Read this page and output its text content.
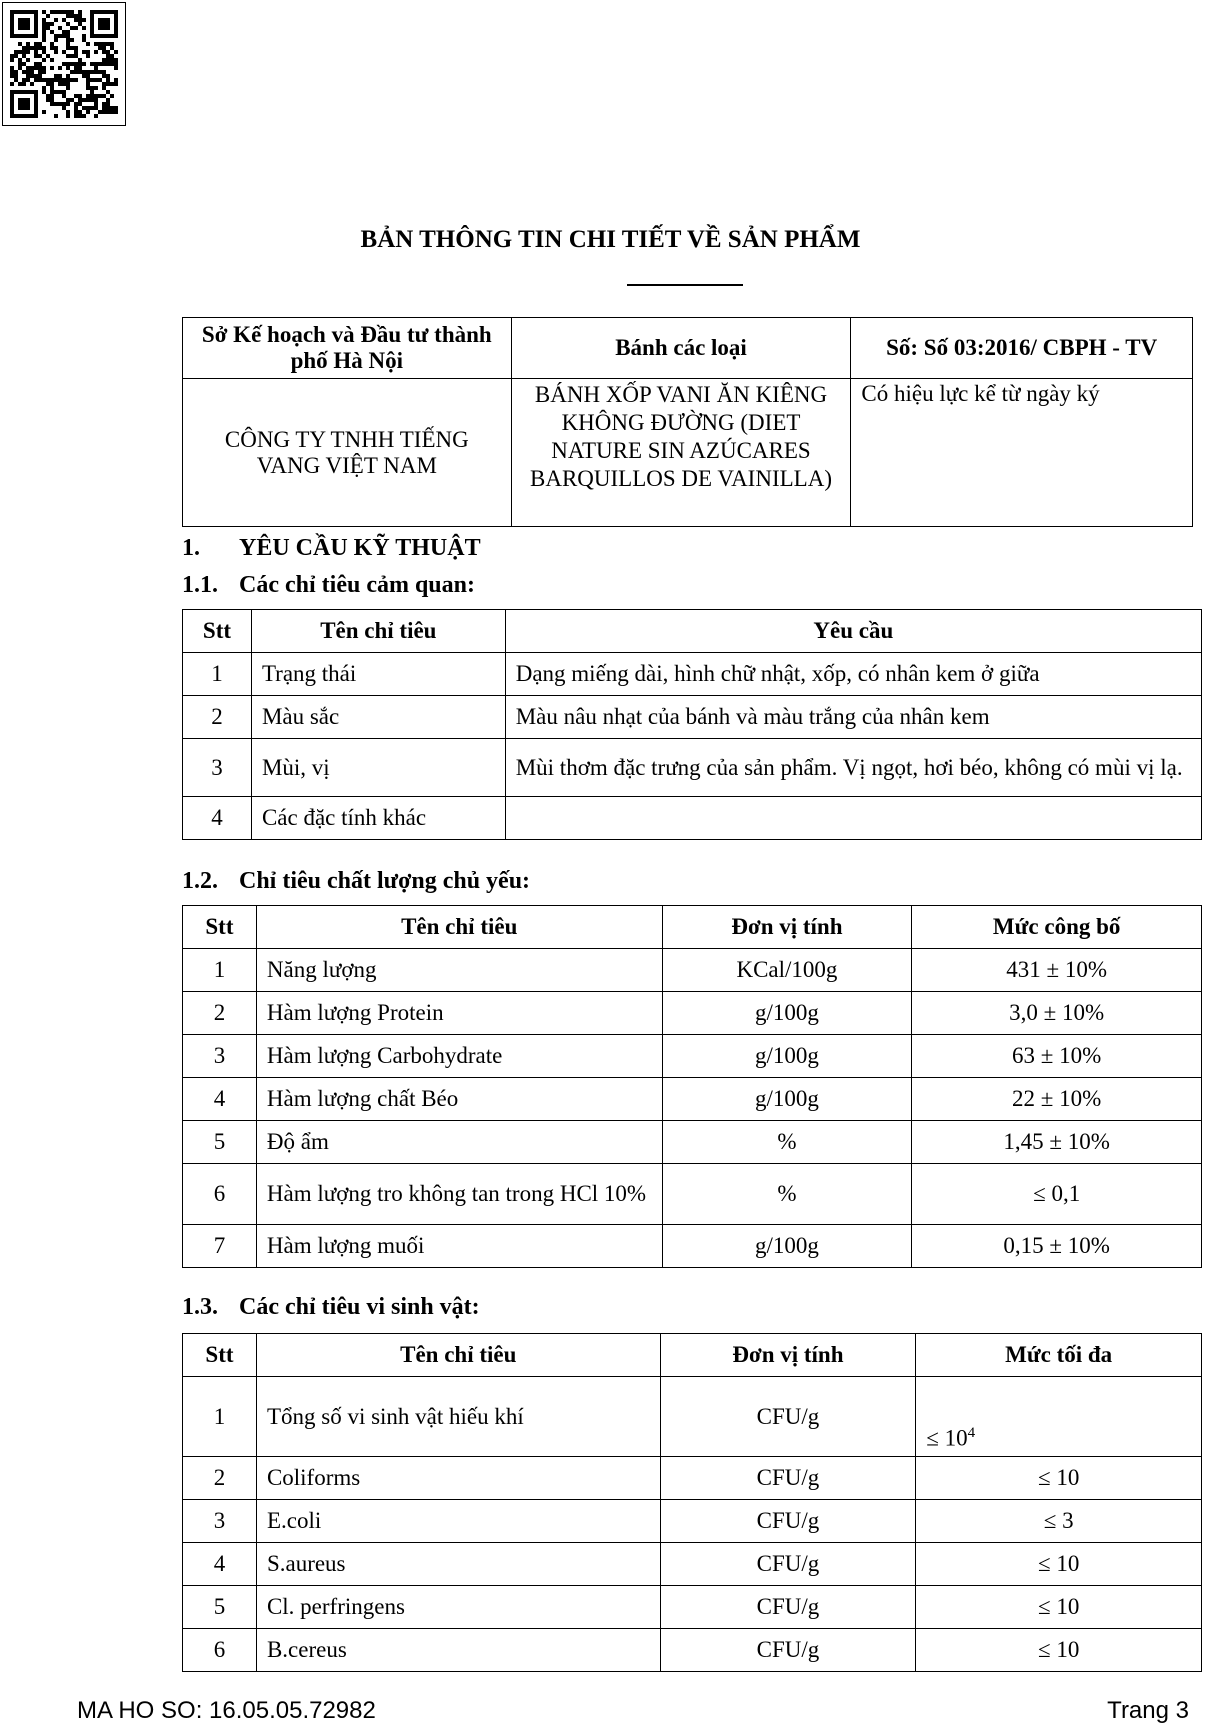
BẢN THÔNG TIN CHI TIẾT VỀ SẢN PHẨM
Sở Kế hoạch và Đầu tư thành phố Hà Nội	Bánh các loại	Số: Số 03:2016/ CBPH - TV
CÔNG TY TNHH TIẾNG VANG VIỆT NAM	BÁNH XỐP VANI ĂN KIÊNG KHÔNG ĐƯỜNG (DIET NATURE SIN AZÚCARES BARQUILLOS DE VAINILLA)	Có hiệu lực kể từ ngày ký
1. YÊU CẦU KỸ THUẬT
1.1. Các chỉ tiêu cảm quan:
Stt	Tên chỉ tiêu	Yêu cầu
1	Trạng thái	Dạng miếng dài, hình chữ nhật, xốp, có nhân kem ở giữa
2	Màu sắc	Màu nâu nhạt của bánh và màu trắng của nhân kem
3	Mùi, vị	Mùi thơm đặc trưng của sản phẩm. Vị ngọt, hơi béo, không có mùi vị lạ.
4	Các đặc tính khác	
1.2. Chỉ tiêu chất lượng chủ yếu:
Stt	Tên chỉ tiêu	Đơn vị tính	Mức công bố
1	Năng lượng	KCal/100g	431 ± 10%
2	Hàm lượng Protein	g/100g	3,0 ± 10%
3	Hàm lượng Carbohydrate	g/100g	63 ± 10%
4	Hàm lượng chất Béo	g/100g	22 ± 10%
5	Độ ẩm	%	1,45 ± 10%
6	Hàm lượng tro không tan trong HCl 10%	%	≤ 0,1
7	Hàm lượng muối	g/100g	0,15 ± 10%
1.3. Các chỉ tiêu vi sinh vật:
Stt	Tên chỉ tiêu	Đơn vị tính	Mức tối đa
1	Tổng số vi sinh vật hiếu khí	CFU/g	≤ $10^4$
2	Coliforms	CFU/g	≤ 10
3	E.coli	CFU/g	≤ 3
4	S.aureus	CFU/g	≤ 10
5	Cl. perfringens	CFU/g	≤ 10
6	B.cereus	CFU/g	≤ 10
MA HO SO: 16.05.05.72982	Trang 3
